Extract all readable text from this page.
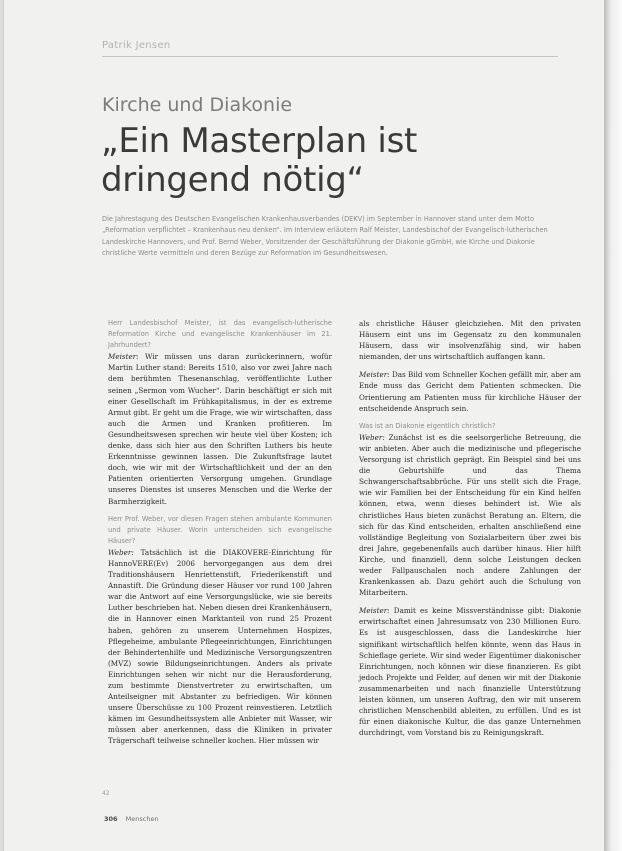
Patrik Jensen
Kirche und Diakonie
„Ein Masterplan ist
dringend nötig“

Die Jahrestagung des Deutschen Evangelischen Krankenhausverbandes (DEKV) im September in Hannover stand unter dem Motto „Reformation verpflichtet – Krankenhaus neu denken“. Im Interview erläutern Ralf Meister, Landesbischof der Evangelisch-lutherischen Landeskirche Hannovers, und Prof. Bernd Weber, Vorsitzender der Geschäftsführung der Diakonie gGmbH, wie Kirche und Diakonie christliche Werte vermitteln und deren Bezüge zur Reformation im Gesundheitswesen.

Herr Landesbischof Meister, ist das evangelisch-lutherische Reformation Kirche und evangelische Krankenhäuser im 21. Jahrhundert?

Meister: Wir müssen uns daran zurückerinnern, wofür Martin Luther stand: Bereits 1510, also vor zwei Jahre nach dem berühmten Thesenanschlag, veröffentlichte Luther seinen „Sermon vom Wucher“. Darin beschäftigt er sich mit einer Gesellschaft im Frühkapitalismus, in der es extreme Armut gibt. Er geht um die Frage, wie wir wirtschaften, dass auch die Armen und Kranken profitieren. Im Gesundheitswesen sprechen wir heute viel über Kosten; ich denke, dass sich hier aus den Schriften Luthers bis heute Erkenntnisse gewinnen lassen. Die Zukunftsfrage lautet doch, wie wir mit der Wirtschaftlichkeit und der an den Patienten orientierten Versorgung umgehen. Grundlage unseres Dienstes ist unseres Menschen und die Werke der Barmherzigkeit.

Herr Prof. Weber, vor diesen Fragen stehen ambulante Kommunen und private Häuser. Worin unterscheiden sich evangelische Häuser?

Weber: Tatsächlich ist die DIAKOVERE-Einrichtung für HannoVERE(Ev) 2006 hervorgegangen aus dem drei Traditionshäusern Henriettenstift, Friederikenstift und Annastift. Die Gründung dieser Häuser vor rund 100 Jahren war die Antwort auf eine Versorgungslücke, wie sie bereits Luther beschrieben hat. Neben diesen drei Krankenhäusern, die in Hannover einen Marktanteil von rund 25 Prozent haben, gehören zu unserem Unternehmen Hospizes, Pflegeheime, ambulante Pflegeeinrichtungen, Einrichtungen der Behindertenhilfe und Medizinische Versorgungszentren (MVZ) sowie Bildungseinrichtungen. Anders als private Einrichtungen sehen wir nicht nur die Herausforderung, zum bestimmte Dienstvertreter zu erwirtschaften, um Anteilseigner mit Abstanter zu befriedigen. Wir können unsere Überschüsse zu 100 Prozent reinvestieren. Letztlich kämen im Gesundheitssystem alle Anbieter mit Wasser, wir müssen aber anerkennen, dass die Kliniken in privater Trägerschaft teilweise schneller kochen. Hier müssen wir

als christliche Häuser gleichziehen. Mit den privaten Häusern eint uns im Gegensatz zu den kommunalen Häusern, dass wir insolvenzfähig sind, wir haben niemanden, der uns wirtschaftlich auffangen kann.

Meister: Das Bild vom Schneller Kochen gefällt mir, aber am Ende muss das Gericht dem Patienten schmecken. Die Orientierung am Patienten muss für kirchliche Häuser der entscheidende Anspruch sein.

Was ist an Diakonie eigentlich christlich?

Weber: Zunächst ist es die seelsorgerliche Betreuung, die wir anbieten. Aber auch die medizinische und pflegerische Versorgung ist christlich geprägt. Ein Beispiel sind bei uns die Geburtshilfe und das Thema Schwangerschaftsabbrüche. Für uns stellt sich die Frage, wie wir Familien bei der Entscheidung für ein Kind helfen können, etwa, wenn dieses behindert ist. Wie als christliches Haus bieten zunächst Beratung an. Eltern, die sich für das Kind entscheiden, erhalten anschließend eine vollständige Begleitung von Sozialarbeitern über zwei bis drei Jahre, gegebenenfalls auch darüber hinaus. Hier hilft Kirche, und finanziell, denn solche Leistungen decken weder Fallpauschalen noch andere Zahlungen der Krankenkassen ab. Dazu gehört auch die Schulung von Mitarbeitern.

Meister: Damit es keine Missverständnisse gibt: Diakonie erwirtschaftet einen Jahresumsatz von 230 Millionen Euro. Es ist ausgeschlossen, dass die Landeskirche hier signifikant wirtschaftlich helfen könnte, wenn das Haus in Schieflage geriete. Wir sind weder Eigentümer diakonischer Einrichtungen, noch können wir diese finanzieren. Es gibt jedoch Projekte und Felder, auf denen wir mit der Diakonie zusammenarbeiten und nach finanzielle Unterstützung leisten können, um unseren Auftrag, den wir mit unserem christlichen Menschenbild ableiten, zu erfüllen. Und es ist für einen diakonische Kultur, die das ganze Unternehmen durchdringt, vom Vorstand bis zu Reinigungskraft.

42
306 Menschen
